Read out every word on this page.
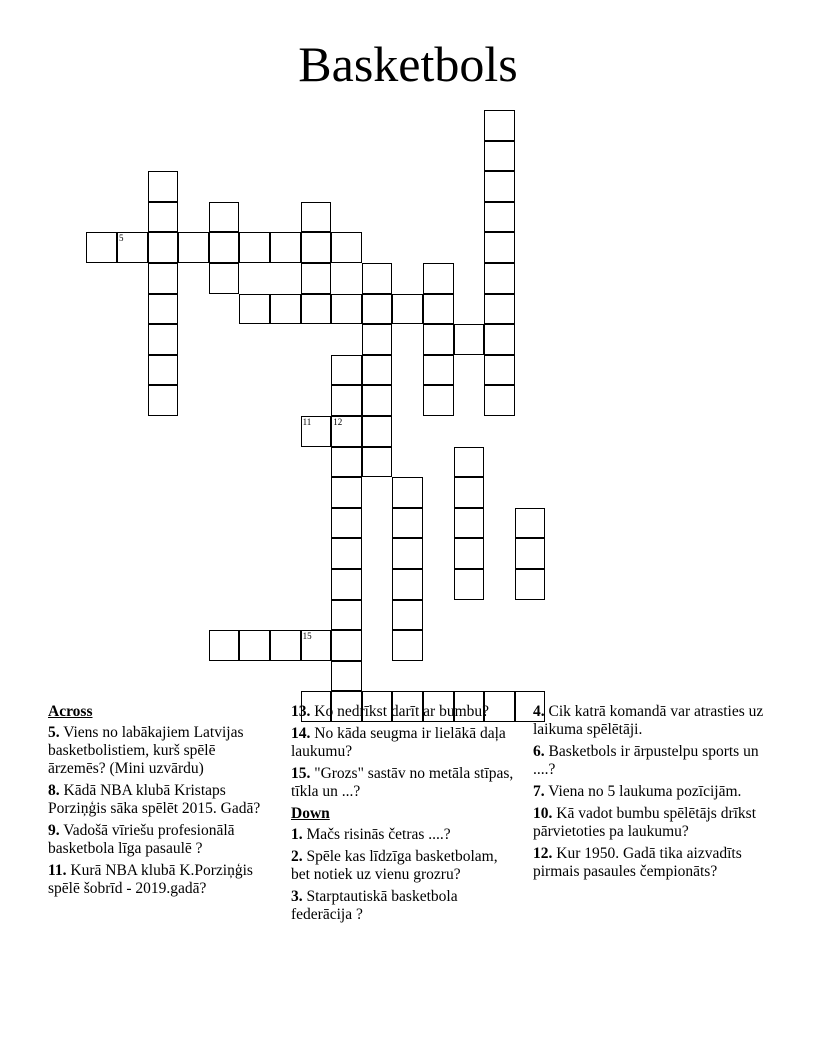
Basketbols
5
12
11
15
Across
5. Viens no labākajiem Latvijas basketbolistiem, kurš spēlē ārzemēs? (Mini uzvārdu)
8. Kādā NBA klubā Kristaps Porziņģis sāka spēlēt 2015. Gadā?
9. Vadošā vīriešu profesionālā basketbola līga pasaulē ?
11. Kurā NBA klubā K.Porziņģis spēlē šobrīd - 2019.gadā?
13. Ko nedrīkst darīt ar bumbu?
14. No kāda seugma ir lielākā daļa laukumu?
15. "Grozs" sastāv no metāla stīpas, tīkla un ...?
Down
1. Mačs risinās četras ....?
2. Spēle kas līdzīga basketbolam, bet notiek uz vienu grozru?
3. Starptautiskā basketbola federācija ?
4. Cik katrā komandā var atrasties uz laikuma spēlētāji.
6. Basketbols ir ārpustelpu sports un ....?
7. Viena no 5 laukuma pozīcijām.
10. Kā vadot bumbu spēlētājs drīkst pārvietoties pa laukumu?
12. Kur 1950. Gadā tika aizvadīts pirmais pasaules čempionāts?
